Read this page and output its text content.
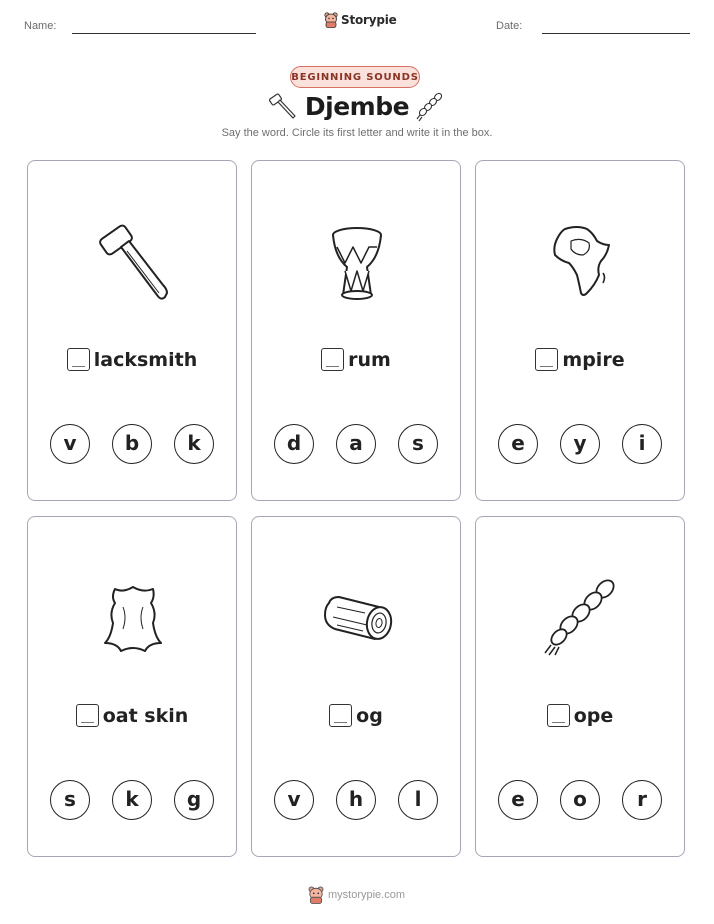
Name:	Storypie	Date:
BEGINNING SOUNDS
Djembe
Say the word. Circle its first letter and write it in the box.
lacksmith
v	b	k
rum
d	a	s
mpire
e	y	i
oat skin
s	k	g
og
v	h	l
ope
e	o	r
mystorypie.com
